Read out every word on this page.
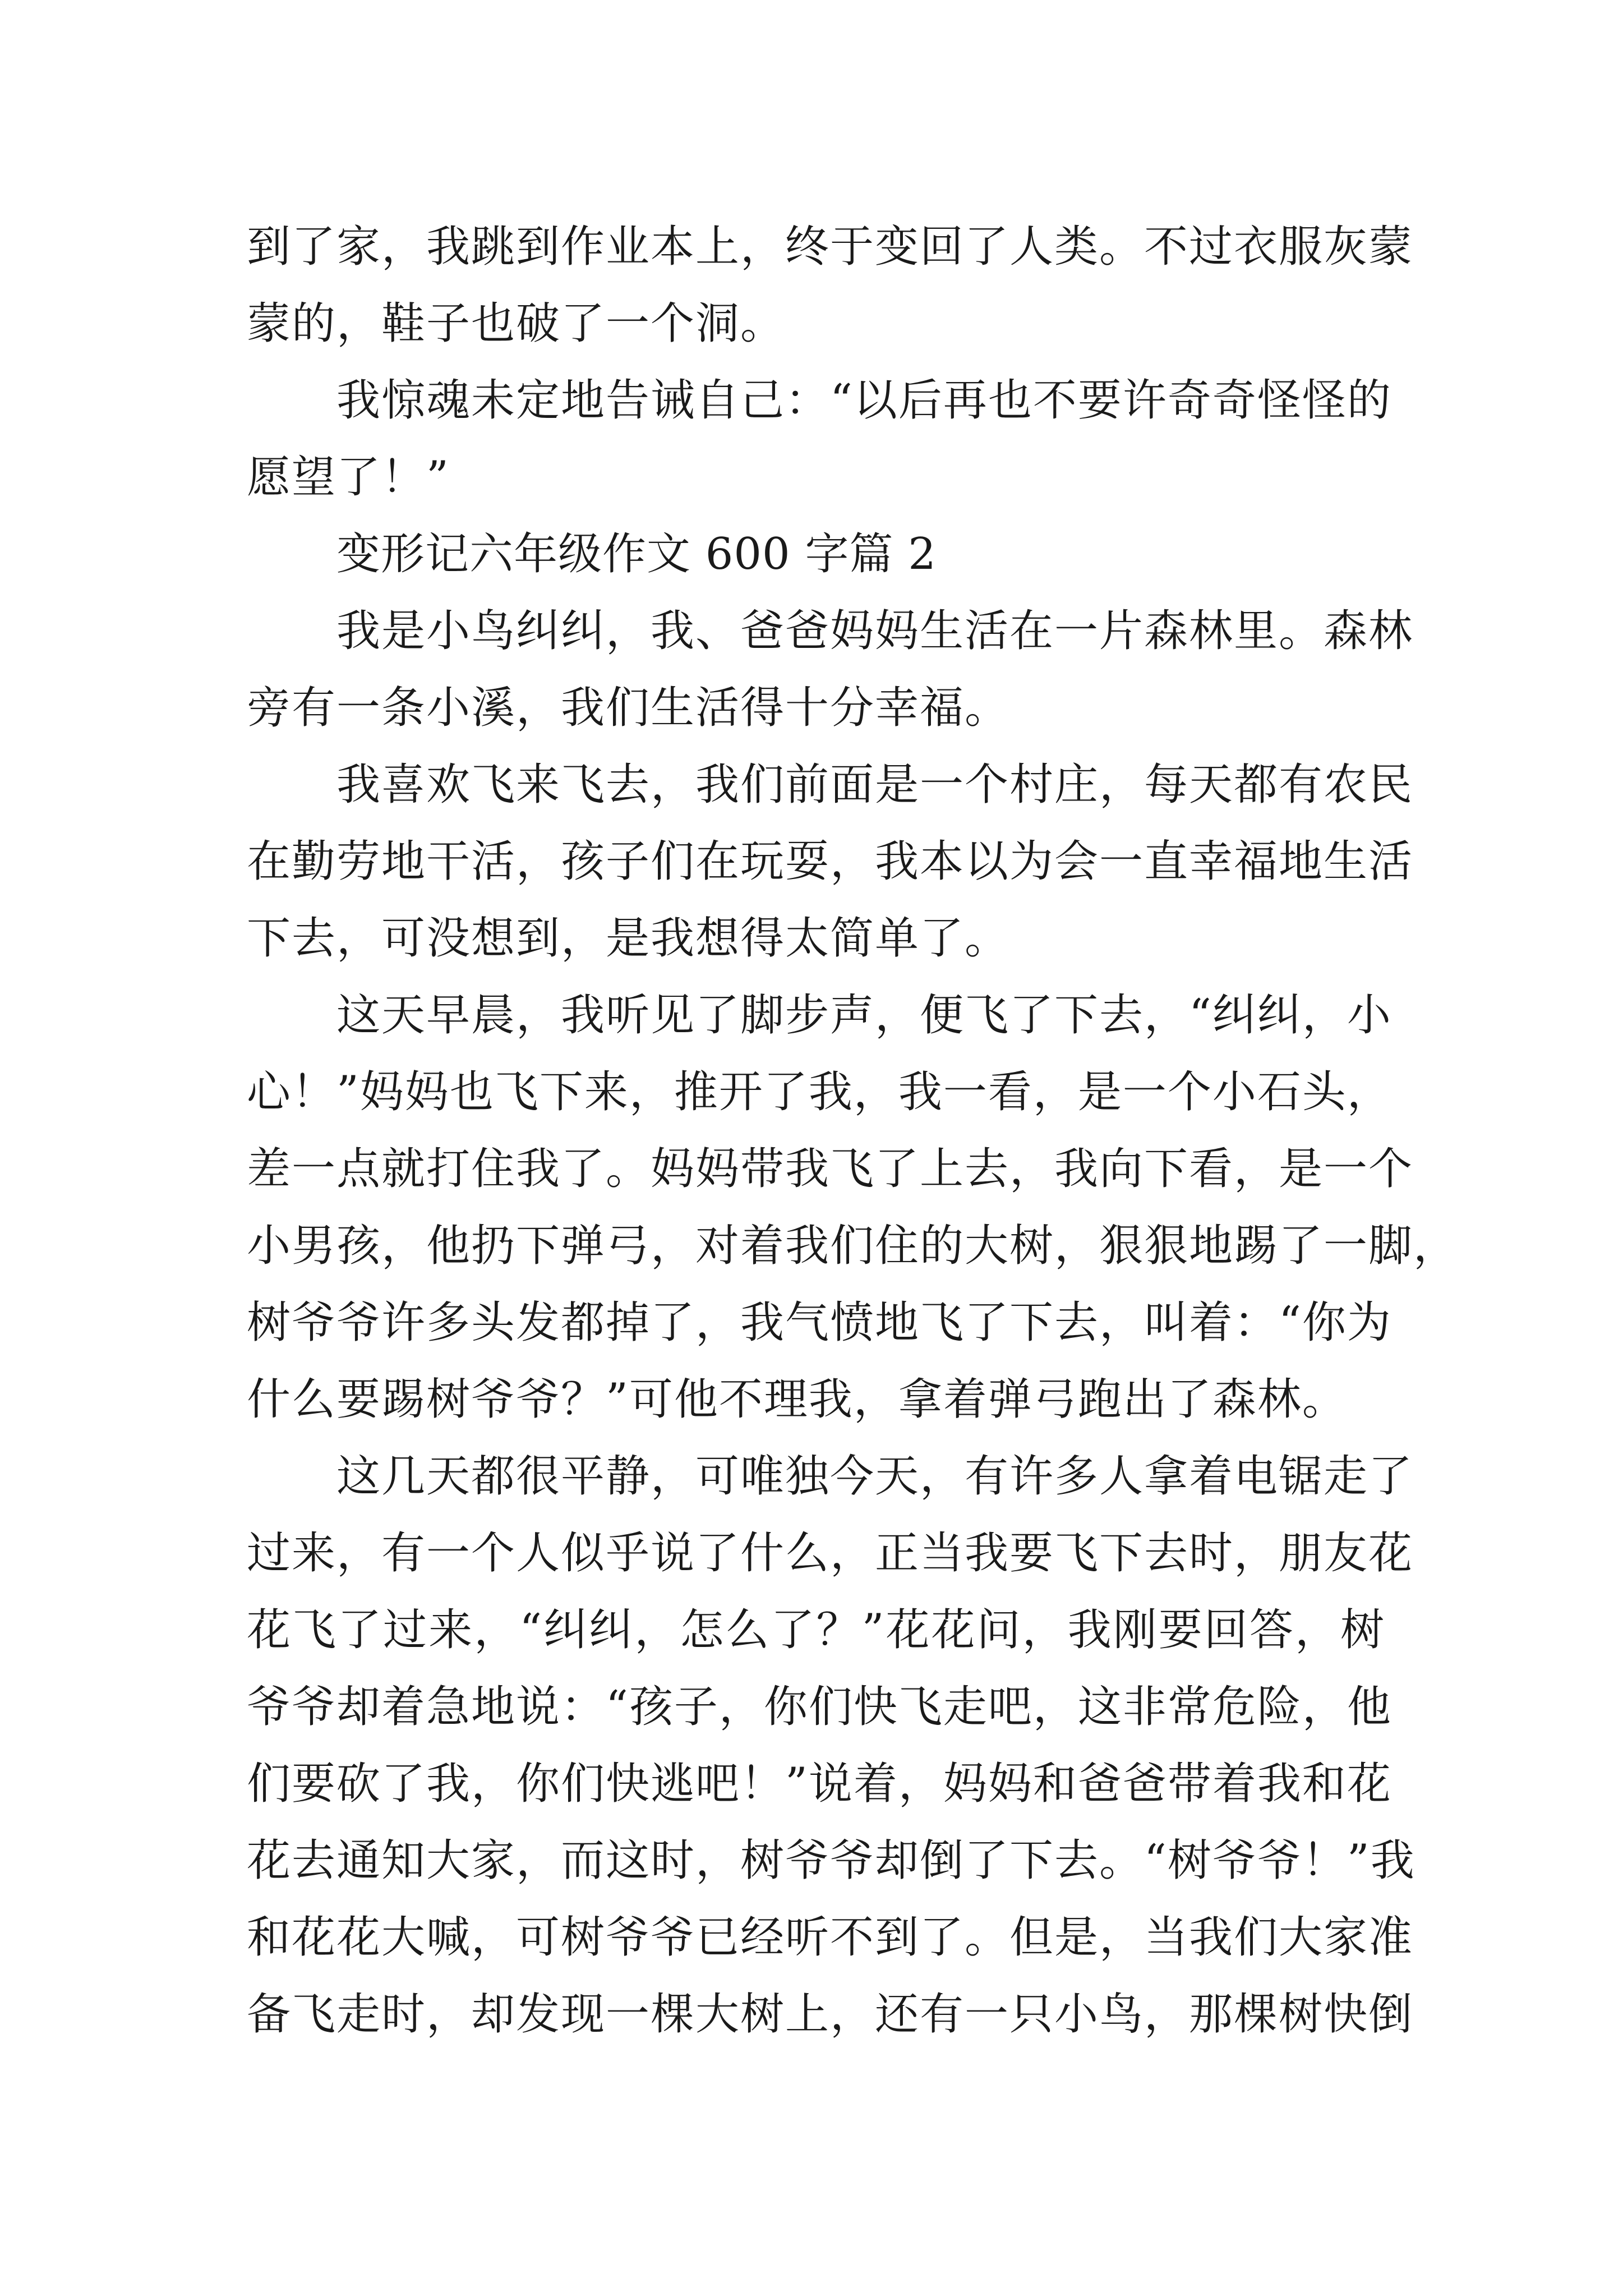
到了家，我跳到作业本上，终于变回了人类。不过衣服灰蒙
蒙的，鞋子也破了一个洞。
我惊魂未定地告诫自己：“以后再也不要许奇奇怪怪的
愿望了！”
变形记六年级作文 600 字篇 2
我是小鸟纠纠，我、爸爸妈妈生活在一片森林里。森林
旁有一条小溪，我们生活得十分幸福。
我喜欢飞来飞去，我们前面是一个村庄，每天都有农民
在勤劳地干活，孩子们在玩耍，我本以为会一直幸福地生活
下去，可没想到，是我想得太简单了。
这天早晨，我听见了脚步声，便飞了下去，“纠纠，小
心！”妈妈也飞下来，推开了我，我一看，是一个小石头，
差一点就打住我了。妈妈带我飞了上去，我向下看，是一个
小男孩，他扔下弹弓，对着我们住的大树，狠狠地踢了一脚，
树爷爷许多头发都掉了，我气愤地飞了下去，叫着：“你为
什么要踢树爷爷？”可他不理我，拿着弹弓跑出了森林。
这几天都很平静，可唯独今天，有许多人拿着电锯走了
过来，有一个人似乎说了什么，正当我要飞下去时，朋友花
花飞了过来，“纠纠，怎么了？”花花问，我刚要回答，树
爷爷却着急地说：“孩子，你们快飞走吧，这非常危险，他
们要砍了我，你们快逃吧！”说着，妈妈和爸爸带着我和花
花去通知大家，而这时，树爷爷却倒了下去。“树爷爷！”我
和花花大喊，可树爷爷已经听不到了。但是，当我们大家准
备飞走时，却发现一棵大树上，还有一只小鸟，那棵树快倒
